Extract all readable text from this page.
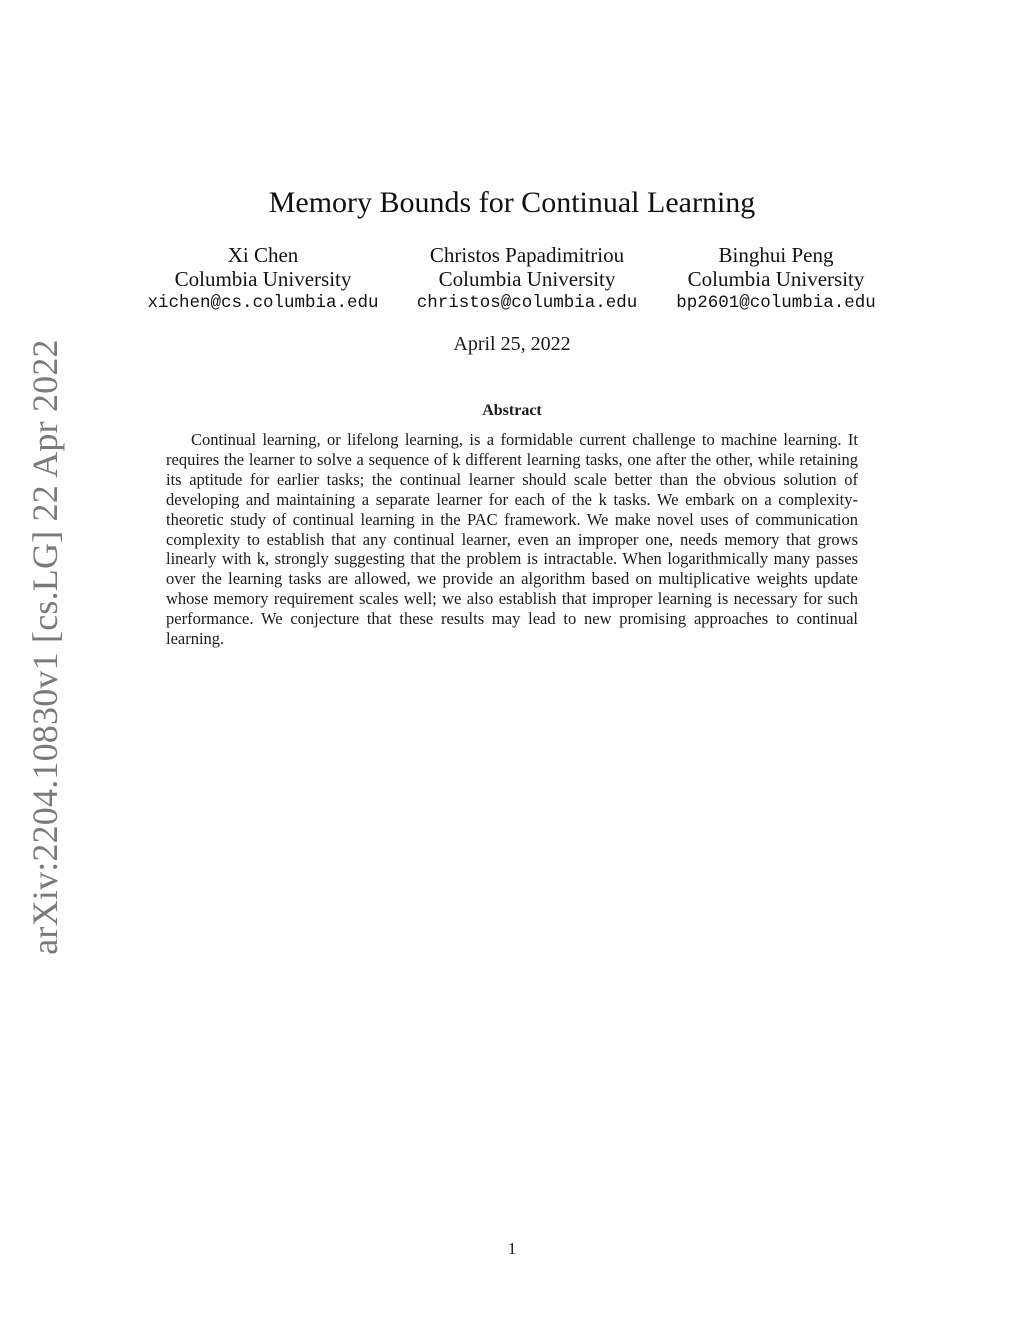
arXiv:2204.10830v1 [cs.LG] 22 Apr 2022
Memory Bounds for Continual Learning
Xi Chen
Columbia University
xichen@cs.columbia.edu
Christos Papadimitriou
Columbia University
christos@columbia.edu
Binghui Peng
Columbia University
bp2601@columbia.edu
April 25, 2022
Abstract

Continual learning, or lifelong learning, is a formidable current challenge to machine learning. It requires the learner to solve a sequence of k different learning tasks, one after the other, while retaining its aptitude for earlier tasks; the continual learner should scale better than the obvious solution of developing and maintaining a separate learner for each of the k tasks. We embark on a complexity-theoretic study of continual learning in the PAC framework. We make novel uses of communication complexity to establish that any continual learner, even an improper one, needs memory that grows linearly with k, strongly suggesting that the problem is intractable. When logarithmically many passes over the learning tasks are allowed, we provide an algorithm based on multiplicative weights update whose memory requirement scales well; we also establish that improper learning is necessary for such performance. We conjecture that these results may lead to new promising approaches to continual learning.

1
